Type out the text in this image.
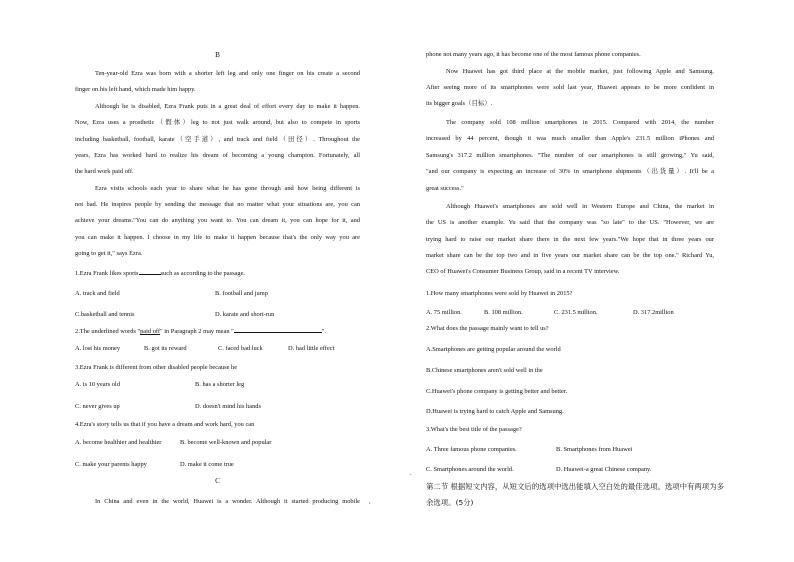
B
Ten-year-old Ezra was born with a shorter left leg and only one finger on his create a second
finger on his left hand, which made him happy.
Although he is disabled, Ezra Frank puts in a great deal of effort every day to make it happen.
Now, Ezra uses a prosthetic（假体）leg to not just walk around, but also to compete in sports
including basketball, football, karate（空手道）, and track and field（田径）. Throughout the
years, Ezra has worked hard to realize his dream of becoming a young champion. Fortunately, all
the hard work paid off.
Ezra visits schools each year to share what he has gone through and how being different is
not bad. He inspires people by sending the message that no matter what your situations are, you can
achieve your dreams."You can do anything you want to. You can dream it, you can hope for it, and
you can make it happen. I choose in my life to make it happen because that's the only way you are
going to get it," says Ezra.
1.Ezra Frank likes sports	such as according to the passage.
A. track and field	B. football and jump
C.basketball and tennis	D. karate and short-run
2.The underlined words "paid off" in Paragraph 2 may mean "	".
A. lost his money	B. got its reward	C. faced bad luck	D. had little effect
3.Ezra Frank is different from other disabled people because he
A. is 10 years old	B. has a shorter leg
C. never gives up	D. doesn't mind his hands
4.Ezra's story tells us that if you have a dream and work hard, you can
A. become healthier and healthier	B. become well-known and popular
C. make your parents happy	D. make it come true
C
In China and even in the world, Huawei is a wonder. Although it started producing mobile ,
.
phone not many years ago, it has become one of the most famous phone companies.
Now Huawei has got third place at the mobile market, just following Apple and Samsung.
After seeing more of its smartphones were sold last year, Huawei appears to be more confident in
its bigger goals（目标）.
The company sold 108 million smartphones in 2015. Compared with 2014, the number
increased by 44 percent, though it was much smaller than Apple's 231.5 million iPhones and
Samsung's 317.2 million smartphones. "The number of our smartphones is still growing," Yu said,
"and our company is expecting an increase of 30% in smartphone shipments（出货量）. It'll be a
great success."
Although Huawei's smartphones are sold well in Western Europe and China, the market in
the US is another example. Yu said that the company was "so late" to the US. "However, we are
trying hard to raise our market share there in the next few years."We hope that in three years our
market share can be the top two and in five years our market share can be the top one." Richard Yu,
CEO of Huawei's Consumer Business Group, said in a recent TV interview.
1.How many smartphones were sold by Huawei in 2015?
A. 75 million.	B. 108 million.	C. 231.5 million.	D. 317.2million
2.What does the passage mainly want to tell us?
A.Smartphones are getting popular around the world
B.Chinese smartphones aren't sold well in the
C.Huawei's phone company is getting better and better.
D.Huawei is trying hard to catch Apple and Samsung.
3.What's the best title of the passage?
A. Three famous phone companies.	B. Smartphones from Huawei
C. Smartphones around the world.	D. Huawei-a great Chinese company.
第二节 根据短文内容，从短文后的选项中选出能填入空白处的最佳选项。选项中有两项为多
余选项。(5分)
